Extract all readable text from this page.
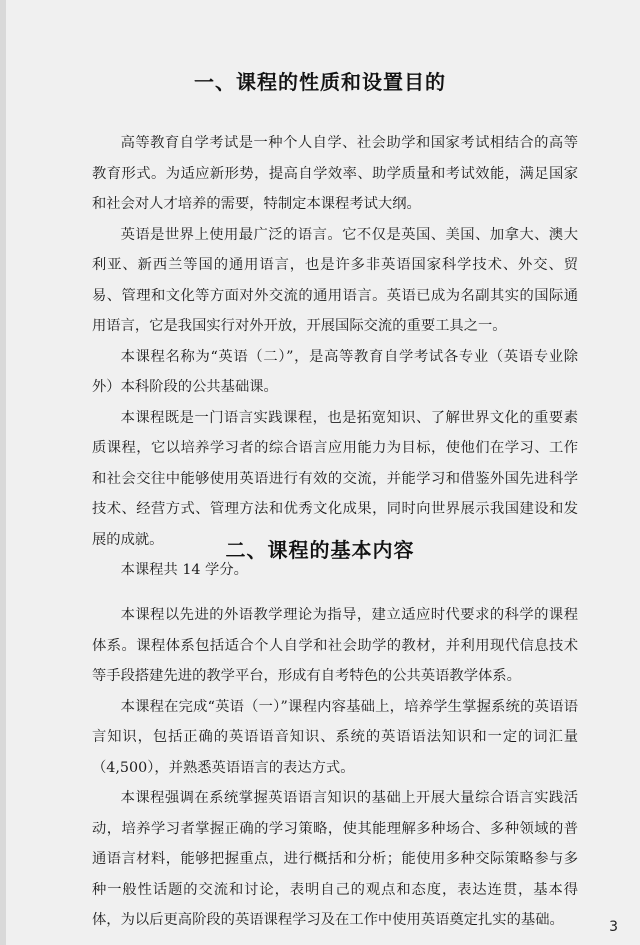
一、课程的性质和设置目的

高等教育自学考试是一种个人自学、社会助学和国家考试相结合的高等教育形式。为适应新形势，提高自学效率、助学质量和考试效能，满足国家和社会对人才培养的需要，特制定本课程考试大纲。

英语是世界上使用最广泛的语言。它不仅是英国、美国、加拿大、澳大利亚、新西兰等国的通用语言，也是许多非英语国家科学技术、外交、贸易、管理和文化等方面对外交流的通用语言。英语已成为名副其实的国际通用语言，它是我国实行对外开放，开展国际交流的重要工具之一。

本课程名称为“英语（二）”，是高等教育自学考试各专业（英语专业除外）本科阶段的公共基础课。

本课程既是一门语言实践课程，也是拓宽知识、了解世界文化的重要素质课程，它以培养学习者的综合语言应用能力为目标，使他们在学习、工作和社会交往中能够使用英语进行有效的交流，并能学习和借鉴外国先进科学技术、经营方式、管理方法和优秀文化成果，同时向世界展示我国建设和发展的成就。

本课程共 14 学分。

二、课程的基本内容

本课程以先进的外语教学理论为指导，建立适应时代要求的科学的课程体系。课程体系包括适合个人自学和社会助学的教材，并利用现代信息技术等手段搭建先进的教学平台，形成有自考特色的公共英语教学体系。

本课程在完成“英语（一）”课程内容基础上，培养学生掌握系统的英语语言知识，包括正确的英语语音知识、系统的英语语法知识和一定的词汇量（4,500），并熟悉英语语言的表达方式。

本课程强调在系统掌握英语语言知识的基础上开展大量综合语言实践活动，培养学习者掌握正确的学习策略，使其能理解多种场合、多种领域的普通语言材料，能够把握重点，进行概括和分析；能使用多种交际策略参与多种一般性话题的交流和讨论，表明自己的观点和态度，表达连贯，基本得体，为以后更高阶段的英语课程学习及在工作中使用英语奠定扎实的基础。	3
